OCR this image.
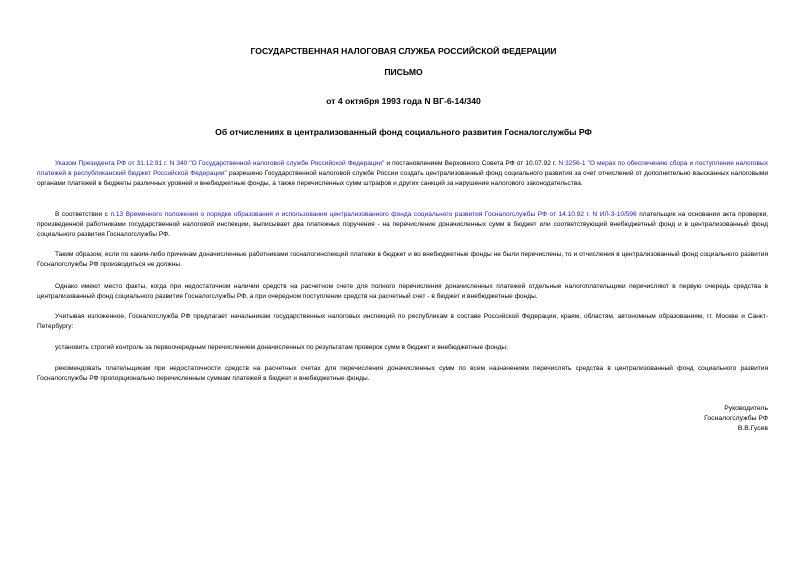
ГОСУДАРСТВЕННАЯ НАЛОГОВАЯ СЛУЖБА РОССИЙСКОЙ ФЕДЕРАЦИИ
ПИСЬМО
от 4 октября 1993 года N ВГ-6-14/340
Об отчислениях в централизованный фонд социального развития Госналогслужбы РФ
Указом Президента РФ от 31.12.91 г. N 340 "О Государственной налоговой службе Российской Федерации" и постановлением Верховного Совета РФ от 10.07.92 г. N 3256-1 "О мерах по обеспечению сбора и поступления налоговых платежей в республиканский бюджет Российской Федерации" разрешено Государственной налоговой службе России создать централизованный фонд социального развития за счет отчислений от дополнительно взысканных налоговыми органами платежей в бюджеты различных уровней и внебюджетные фонды, а также перечисленных сумм штрафов и других санкций за нарушение налогового законодательства.
В соответствии с п.13 Временного положения о порядке образования и использования централизованного фонда социального развития Госналогслужбы РФ от 14.10.92 г. N ИЛ-3-10/596 плательщик на основании акта проверки, произведенной работниками государственной налоговой инспекции, выписывает два платежных поручения - на перечисление доначисленных сумм в бюджет или соответствующий внебюджетный фонд и в централизованный фонд социального развития Госналогслужбы РФ.
Таким образом, если по каким-либо причинам доначисленные работниками госналогинспекций платежи в бюджет и во внебюджетные фонды не были перечислены, то и отчисления в централизованный фонд социального развития Госналогслужбы РФ производиться не должны.
Однако имеют место факты, когда при недостаточном наличии средств на расчетном счете для полного перечисления доначисленных платежей отдельные налогоплательщики перечисляют в первую очередь средства в централизованный фонд социального развития Госналогслужбы РФ, а при очередном поступлении средств на расчетный счет - в бюджет и внебюджетные фонды.
Учитывая изложенное, Госналогслужба РФ предлагает начальникам государственных налоговых инспекций по республикам в составе Российской Федерации, краям, областям, автономным образованиям, гг. Москве и Санкт-Петербургу:
установить строгий контроль за первоочередным перечислением доначисленных по результатам проверок сумм в бюджет и внебюджетные фонды;
рекомендовать плательщикам при недостаточности средств на расчетных счетах для перечисления доначисленных сумм по всем назначениям перечислять средства в централизованный фонд социального развития Госналогслужбы РФ пропорционально перечисленным суммам платежей в бюджет и внебюджетные фонды.
Руководитель
Госналогслужбы РФ
В.В.Гусев
